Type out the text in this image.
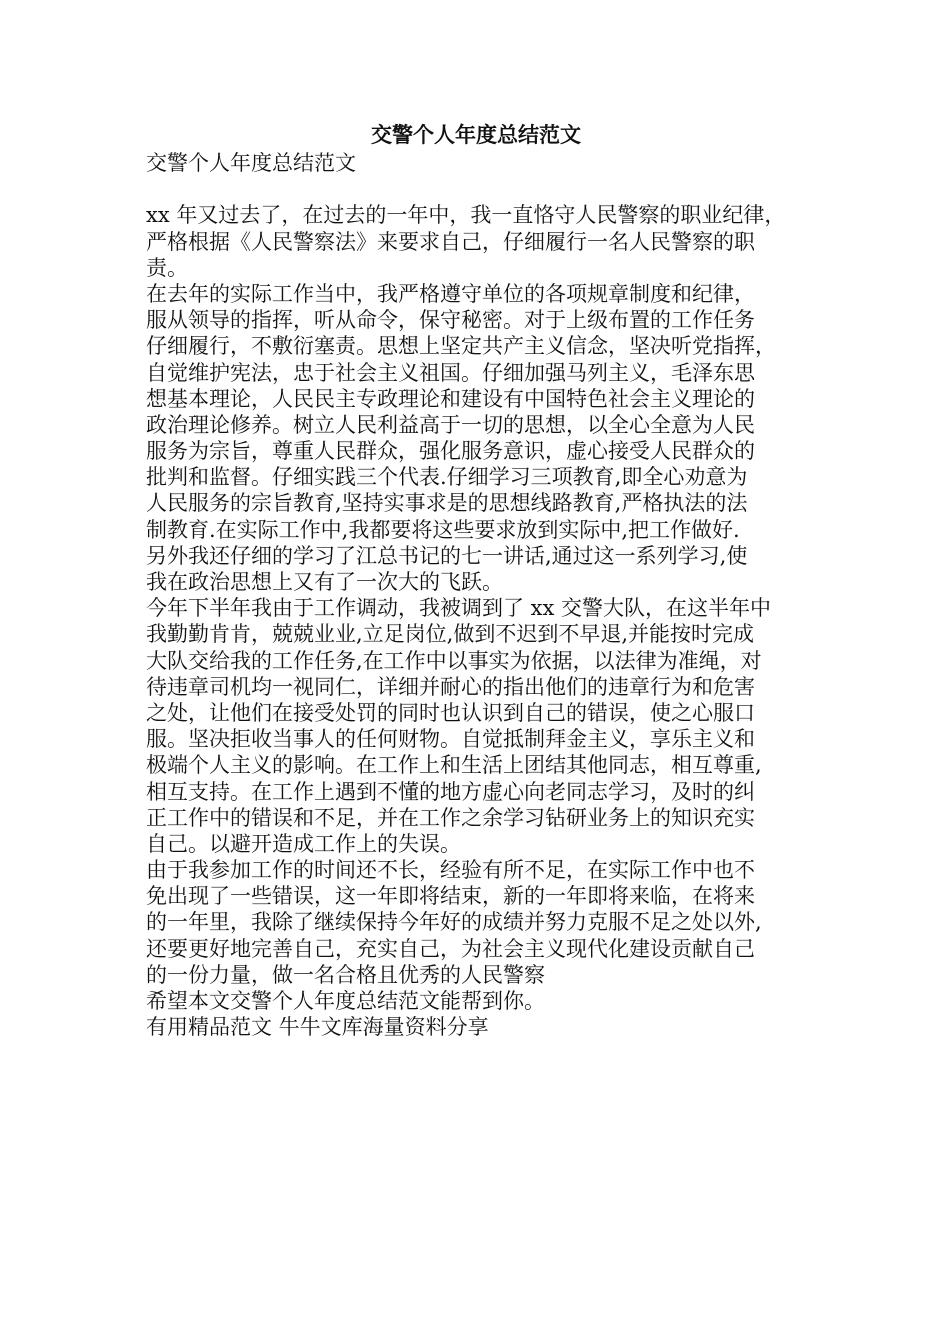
交警个人年度总结范文
交警个人年度总结范文
xx 年又过去了，在过去的一年中，我一直恪守人民警察的职业纪律，
严格根据《人民警察法》来要求自己，仔细履行一名人民警察的职
责。
在去年的实际工作当中，我严格遵守单位的各项规章制度和纪律，
服从领导的指挥，听从命令，保守秘密。对于上级布置的工作任务
仔细履行，不敷衍塞责。思想上坚定共产主义信念，坚决听党指挥，
自觉维护宪法，忠于社会主义祖国。仔细加强马列主义，毛泽东思
想基本理论，人民民主专政理论和建设有中国特色社会主义理论的
政治理论修养。树立人民利益高于一切的思想，以全心全意为人民
服务为宗旨，尊重人民群众，强化服务意识，虚心接受人民群众的
批判和监督。仔细实践三个代表.仔细学习三项教育,即全心劝意为
人民服务的宗旨教育,坚持实事求是的思想线路教育,严格执法的法
制教育.在实际工作中,我都要将这些要求放到实际中,把工作做好.
另外我还仔细的学习了江总书记的七一讲话,通过这一系列学习,使
我在政治思想上又有了一次大的飞跃。
今年下半年我由于工作调动，我被调到了 xx 交警大队，在这半年中
我勤勤肯肯，兢兢业业,立足岗位,做到不迟到不早退,并能按时完成
大队交给我的工作任务,在工作中以事实为依据，以法律为准绳，对
待违章司机均一视同仁，详细并耐心的指出他们的违章行为和危害
之处，让他们在接受处罚的同时也认识到自己的错误，使之心服口
服。坚决拒收当事人的任何财物。自觉抵制拜金主义，享乐主义和
极端个人主义的影响。在工作上和生活上团结其他同志，相互尊重,
相互支持。在工作上遇到不懂的地方虚心向老同志学习，及时的纠
正工作中的错误和不足，并在工作之余学习钻研业务上的知识充实
自己。以避开造成工作上的失误。
由于我参加工作的时间还不长，经验有所不足，在实际工作中也不
免出现了一些错误，这一年即将结束，新的一年即将来临，在将来
的一年里，我除了继续保持今年好的成绩并努力克服不足之处以外,
还要更好地完善自己，充实自己，为社会主义现代化建设贡献自己
的一份力量，做一名合格且优秀的人民警察
希望本文交警个人年度总结范文能帮到你。
有用精品范文 牛牛文库海量资料分享
